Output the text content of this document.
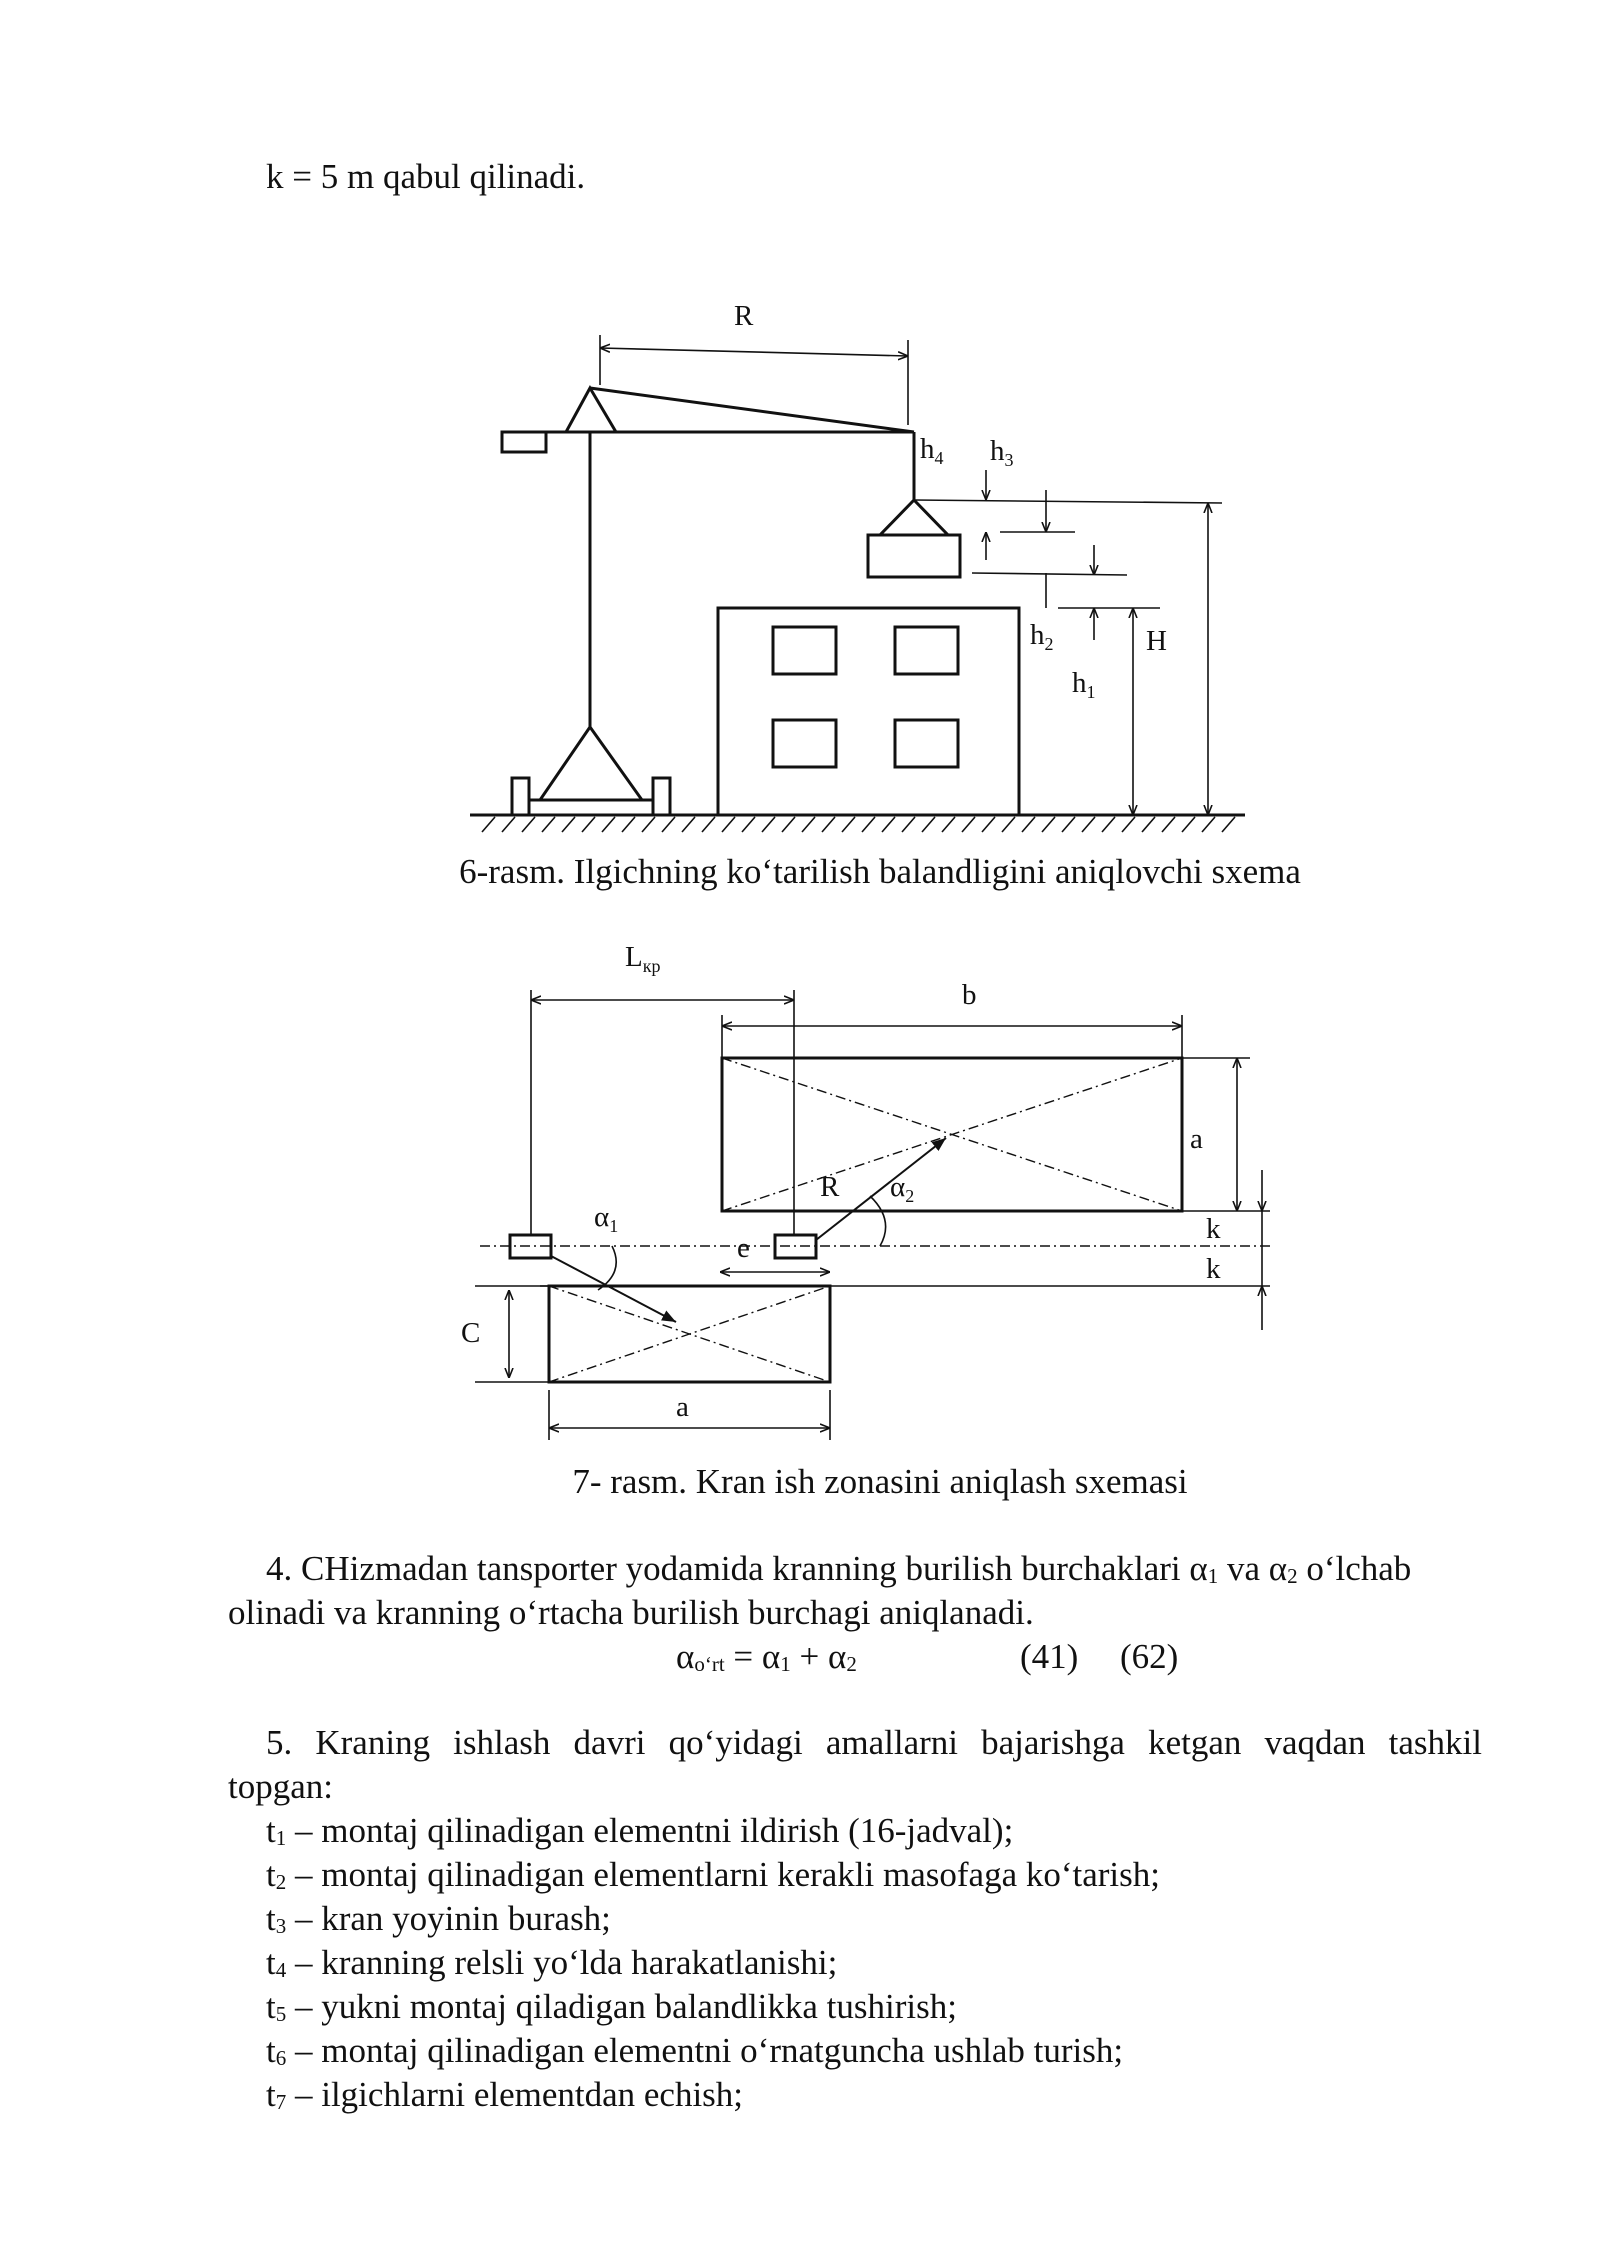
k = 5 m qabul qilinadi.
R
$h_4$ $h_3$
$h_2$
$h_1$
H
$L_{кр}$
b
a
R $\alpha_2$
$\alpha_1$
e
k
k
C
a
6-rasm. Ilgichning ko‘tarilish balandligini aniqlovchi sxema
7- rasm. Kran ish zonasini aniqlash sxemasi
4. CHizmadan tansporter yodamida kranning burilish burchaklari $\alpha_1$ va $\alpha_2$ o‘lchab
olinadi va kranning o‘rtacha burilish burchagi aniqlanadi.
$\alpha_{o‘rt} = \alpha_1 + \alpha_2$	(41) (62)
5. Kraning ishlash davri qo‘yidagi amallarni bajarishga ketgan vaqdan tashkil
topgan:
$t_1$ – montaj qilinadigan elementni ildirish (16-jadval);
$t_2$ – montaj qilinadigan elementlarni kerakli masofaga ko‘tarish;
$t_3$ – kran yoyinin burash;
$t_4$ – kranning relsli yo‘lda harakatlanishi;
$t_5$ – yukni montaj qiladigan balandlikka tushirish;
$t_6$ – montaj qilinadigan elementni o‘rnatguncha ushlab turish;
$t_7$ – ilgichlarni elementdan echish;
